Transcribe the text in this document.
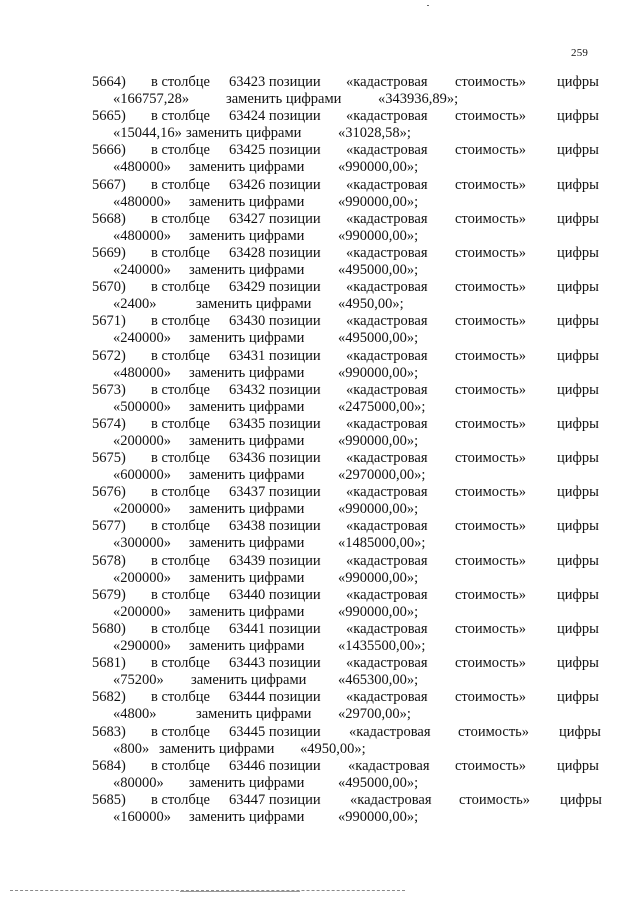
259
5664) в столбце 63423 позиции «кадастровая стоимость» цифры
«166757,28»	заменить цифрами	«343936,89»;
5665) в столбце 63424 позиции «кадастровая стоимость» цифры
«15044,16» заменить цифрами	«31028,58»;
5666) в столбце 63425 позиции «кадастровая стоимость» цифры
«480000» заменить цифрами «990000,00»;
5667) в столбце 63426 позиции «кадастровая стоимость» цифры
«480000» заменить цифрами «990000,00»;
5668) в столбце 63427 позиции «кадастровая стоимость» цифры
«480000» заменить цифрами «990000,00»;
5669) в столбце 63428 позиции «кадастровая стоимость» цифры
«240000» заменить цифрами «495000,00»;
5670) в столбце 63429 позиции «кадастровая стоимость» цифры
«2400»	заменить цифрами «4950,00»;
5671) в столбце 63430 позиции «кадастровая стоимость» цифры
«240000» заменить цифрами «495000,00»;
5672) в столбце 63431 позиции «кадастровая стоимость» цифры
«480000» заменить цифрами «990000,00»;
5673) в столбце 63432 позиции «кадастровая стоимость» цифры
«500000» заменить цифрами «2475000,00»;
5674) в столбце 63435 позиции «кадастровая стоимость» цифры
«200000» заменить цифрами «990000,00»;
5675) в столбце 63436 позиции «кадастровая стоимость» цифры
«600000» заменить цифрами «2970000,00»;
5676) в столбце 63437 позиции «кадастровая стоимость» цифры
«200000» заменить цифрами «990000,00»;
5677) в столбце 63438 позиции «кадастровая стоимость» цифры
«300000» заменить цифрами «1485000,00»;
5678) в столбце 63439 позиции «кадастровая стоимость» цифры
«200000» заменить цифрами «990000,00»;
5679) в столбце 63440 позиции «кадастровая стоимость» цифры
«200000» заменить цифрами «990000,00»;
5680) в столбце 63441 позиции «кадастровая стоимость» цифры
«290000» заменить цифрами «1435500,00»;
5681) в столбце 63443 позиции «кадастровая стоимость» цифры
«75200» заменить цифрами «465300,00»;
5682) в столбце 63444 позиции «кадастровая стоимость» цифры
«4800»	заменить цифрами «29700,00»;
5683) в столбце 63445 позиции «кадастровая стоимость» цифры
«800» заменить цифрами «4950,00»;
5684) в столбце 63446 позиции «кадастровая стоимость» цифры
«80000» заменить цифрами «495000,00»;
5685) в столбце 63447 позиции «кадастровая стоимость» цифры
«160000» заменить цифрами «990000,00»;
